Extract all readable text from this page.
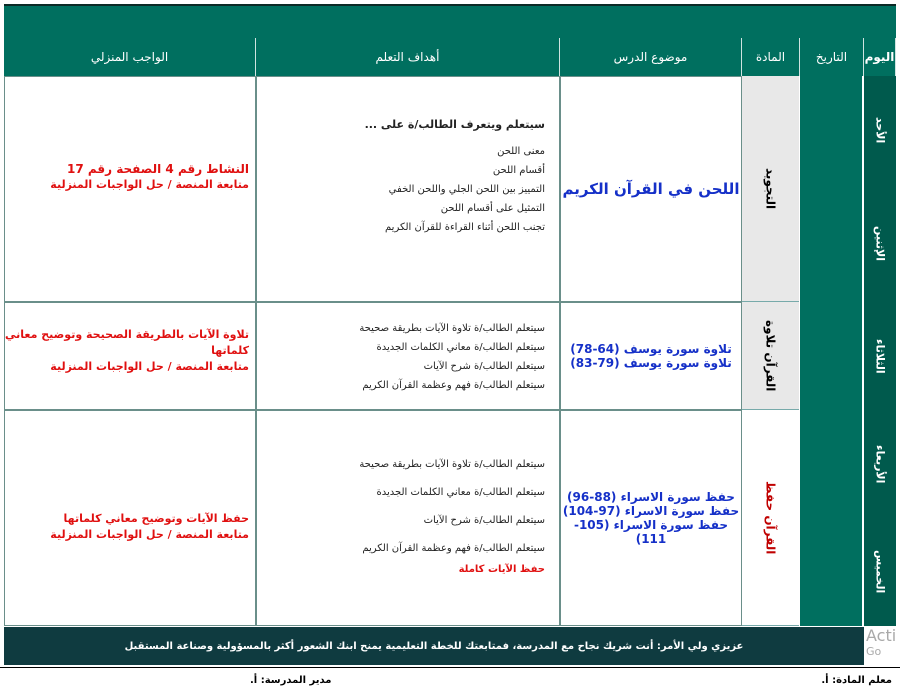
اليوم
التاريخ
المادة
موضوع الدرس
أهداف التعلم
الواجب المنزلي
الأحد
الإثنين
الثلاثاء
الأربعاء
الخميس
التجويد
القرآن تلاوة
القرآن حفظ
اللحن في القرآن الكريم
سيتعلم ويتعرف الطالب/ة على ...
معنى اللحن
أقسام اللحن
التمييز بين اللحن الجلي واللحن الخفي
التمثيل على أقسام اللحن
تجنب اللحن أثناء القراءة للقرآن الكريم
النشاط رقم 4 الصفحة رقم 17
متابعة المنصة / حل الواجبات المنزلية
تلاوة سورة يوسف (64-78)
تلاوة سورة يوسف (79-83)
سيتعلم الطالب/ة تلاوة الآيات بطريقة صحيحة
سيتعلم الطالب/ة معاني الكلمات الجديدة
سيتعلم الطالب/ة شرح الآيات
سيتعلم الطالب/ة فهم وعظمة القرآن الكريم
تلاوة الآيات بالطريقة الصحيحة وتوضيح معاني كلماتها
متابعة المنصة / حل الواجبات المنزلية
حفظ سورة الاسراء (88-96)
حفظ سورة الاسراء (97-104)
حفظ سورة الاسراء (105-111)
سيتعلم الطالب/ة تلاوة الآيات بطريقة صحيحة
سيتعلم الطالب/ة معاني الكلمات الجديدة
سيتعلم الطالب/ة شرح الآيات
سيتعلم الطالب/ة فهم وعظمة القرآن الكريم
حفظ الآيات كاملة
حفظ الآيات وتوضيح معاني كلماتها
متابعة المنصة / حل الواجبات المنزلية
عزيزي ولي الأمر: أنت شريك نجاح مع المدرسة، فمتابعتك للخطة التعليمية يمنح ابنك الشعور أكثر بالمسؤولية وصناعة المستقبل
معلم المادة: أ.
مدير المدرسة: أ.
Acti
Go
